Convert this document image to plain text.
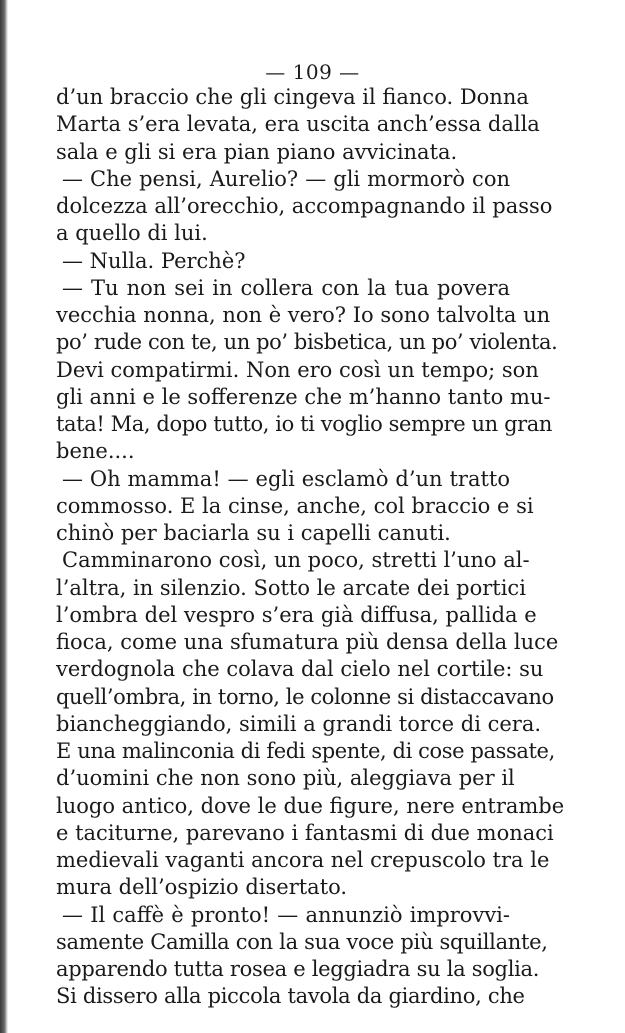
— 109 —
d’un braccio che gli cingeva il fianco. Donna
Marta s’era levata, era uscita anch’essa dalla
sala e gli si era pian piano avvicinata.
— Che pensi, Aurelio? — gli mormorò con
dolcezza all’orecchio, accompagnando il passo
a quello di lui.
— Nulla. Perchè?
— Tu non sei in collera con la tua povera
vecchia nonna, non è vero? Io sono talvolta un
po’ rude con te, un po’ bisbetica, un po’ violenta.
Devi compatirmi. Non ero così un tempo; son
gli anni e le sofferenze che m’hanno tanto mu-
tata! Ma, dopo tutto, io ti voglio sempre un gran
bene....
— Oh mamma! — egli esclamò d’un tratto
commosso. E la cinse, anche, col braccio e si
chinò per baciarla su i capelli canuti.
Camminarono così, un poco, stretti l’uno al-
l’altra, in silenzio. Sotto le arcate dei portici
l’ombra del vespro s’era già diffusa, pallida e
fioca, come una sfumatura più densa della luce
verdognola che colava dal cielo nel cortile: su
quell’ombra, in torno, le colonne si distaccavano
biancheggiando, simili a grandi torce di cera.
E una malinconia di fedi spente, di cose passate,
d’uomini che non sono più, aleggiava per il
luogo antico, dove le due figure, nere entrambe
e taciturne, parevano i fantasmi di due monaci
medievali vaganti ancora nel crepuscolo tra le
mura dell’ospizio disertato.
— Il caffè è pronto! — annunziò improvvi-
samente Camilla con la sua voce più squillante,
apparendo tutta rosea e leggiadra su la soglia.
Si dissero alla piccola tavola da giardino, che
